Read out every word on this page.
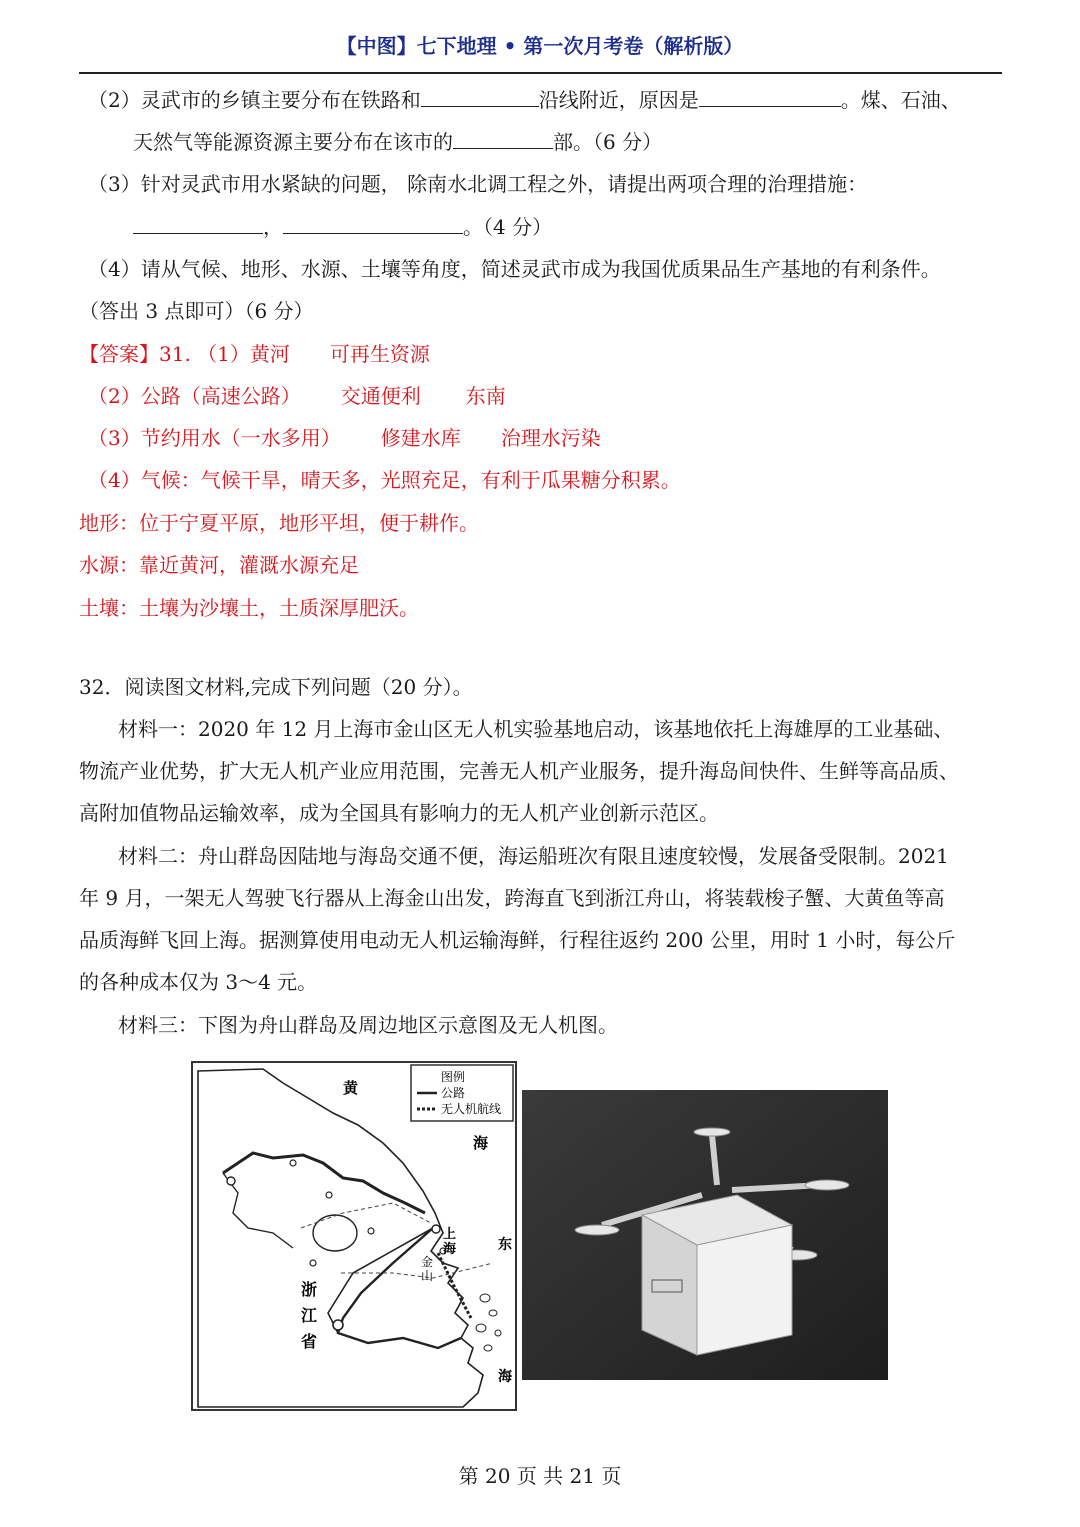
【中图】七下地理 • 第一次月考卷（解析版）
（2）灵武市的乡镇主要分布在铁路和	沿线附近，原因是	。煤、石油、
天然气等能源资源主要分布在该市的	部。（6 分）
（3）针对灵武市用水紧缺的问题， 除南水北调工程之外，请提出两项合理的治理措施：
，	。（4 分）
（4）请从气候、地形、水源、土壤等角度，简述灵武市成为我国优质果品生产基地的有利条件。
（答出 3 点即可）（6 分）
【答案】31. （1）黄河 可再生资源
（2）公路（高速公路） 交通便利 东南
（3）节约用水（一水多用） 修建水库 治理水污染
（4）气候：气候干旱，晴天多，光照充足，有利于瓜果糖分积累。
地形：位于宁夏平原，地形平坦，便于耕作。
水源：靠近黄河，灌溉水源充足
土壤：土壤为沙壤土，土质深厚肥沃。
32．阅读图文材料,完成下列问题（20 分）。
材料一：2020 年 12 月上海市金山区无人机实验基地启动，该基地依托上海雄厚的工业基础、
物流产业优势，扩大无人机产业应用范围，完善无人机产业服务，提升海岛间快件、生鲜等高品质、
高附加值物品运输效率，成为全国具有影响力的无人机产业创新示范区。
材料二：舟山群岛因陆地与海岛交通不便，海运船班次有限且速度较慢，发展备受限制。2021
年 9 月，一架无人驾驶飞行器从上海金山出发，跨海直飞到浙江舟山，将装载梭子蟹、大黄鱼等高
品质海鲜飞回上海。据测算使用电动无人机运输海鲜，行程往返约 200 公里，用时 1 小时，每公斤
的各种成本仅为 3～4 元。
材料三：下图为舟山群岛及周边地区示意图及无人机图。
图例
公路
无人机航线
黄
海
东
海
上
海
金
山
浙
江
省
第 20 页 共 21 页
